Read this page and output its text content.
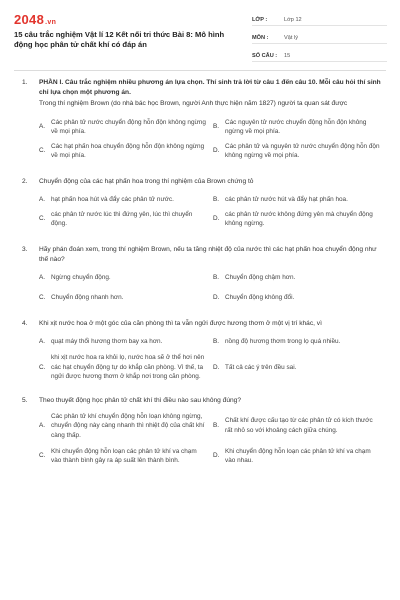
2048.vn
15 câu trắc nghiệm Vật lí 12 Kết nối tri thức Bài 8: Mô hình động học phân tử chất khí có đáp án
LỚP :	Lớp 12
MÔN :	Vật lý
SỐ CÂU :	15
1. PHẦN I. Câu trắc nghiệm nhiều phương án lựa chọn. Thí sinh trả lời từ câu 1 đến câu 10. Mỗi câu hỏi thí sinh chỉ lựa chọn một phương án.
Trong thí nghiệm Brown (do nhà bác học Brown, người Anh thực hiện năm 1827) người ta quan sát được
A.
Các phân tử nước chuyển động hỗn độn không ngừng về mọi phía.
B.
Các nguyên tử nước chuyển động hỗn độn không ngừng về mọi phía.
C.
Các hạt phấn hoa chuyển động hỗn độn không ngừng về mọi phía.
D.
Các phân tử và nguyên tử nước chuyển động hỗn độn không ngừng về mọi phía.
2. Chuyển động của các hạt phấn hoa trong thí nghiệm của Brown chứng tỏ
A. hạt phấn hoa hút và đẩy các phân tử nước.	B. các phân tử nước hút và đẩy hạt phấn hoa.
C.
các phân tử nước lúc thì đứng yên, lúc thì chuyển động.
D.
các phân tử nước không đứng yên mà chuyển động không ngừng.
3. Hãy phán đoán xem, trong thí nghiệm Brown, nếu ta tăng nhiệt độ của nước thì các hạt phấn hoa chuyển động như thế nào?
A. Ngừng chuyển động.	B. Chuyển động chậm hơn.
C. Chuyển động nhanh hơn.	D. Chuyển động không đổi.
4. Khi xịt nước hoa ở một góc của căn phòng thì ta vẫn ngửi được hương thơm ở một vị trí khác, vì
A. quạt máy thổi hương thơm bay xa hơn.	B. nồng độ hương thơm trong lọ quá nhiều.
C.
khi xịt nước hoa ra khỏi lọ, nước hoa sẽ ở thể hơi nên các hạt chuyển động tự do khắp căn phòng. Vì thế, ta ngửi được hương thơm ở khắp nơi trong căn phòng.
D. Tất cả các ý trên đều sai.
5. Theo thuyết động học phân tử chất khí thì điều nào sau không đúng?
A.
Các phân tử khí chuyển động hỗn loạn không ngừng, chuyển động này càng nhanh thì nhiệt độ của chất khí càng thấp.
B.
Chất khí được cấu tạo từ các phân tử có kích thước rất nhỏ so với khoảng cách giữa chúng.
C.
Khi chuyển động hỗn loạn các phân tử khí va chạm vào thành bình gây ra áp suất lên thành bình.
D.
Khi chuyển động hỗn loạn các phân tử khí va chạm vào nhau.
